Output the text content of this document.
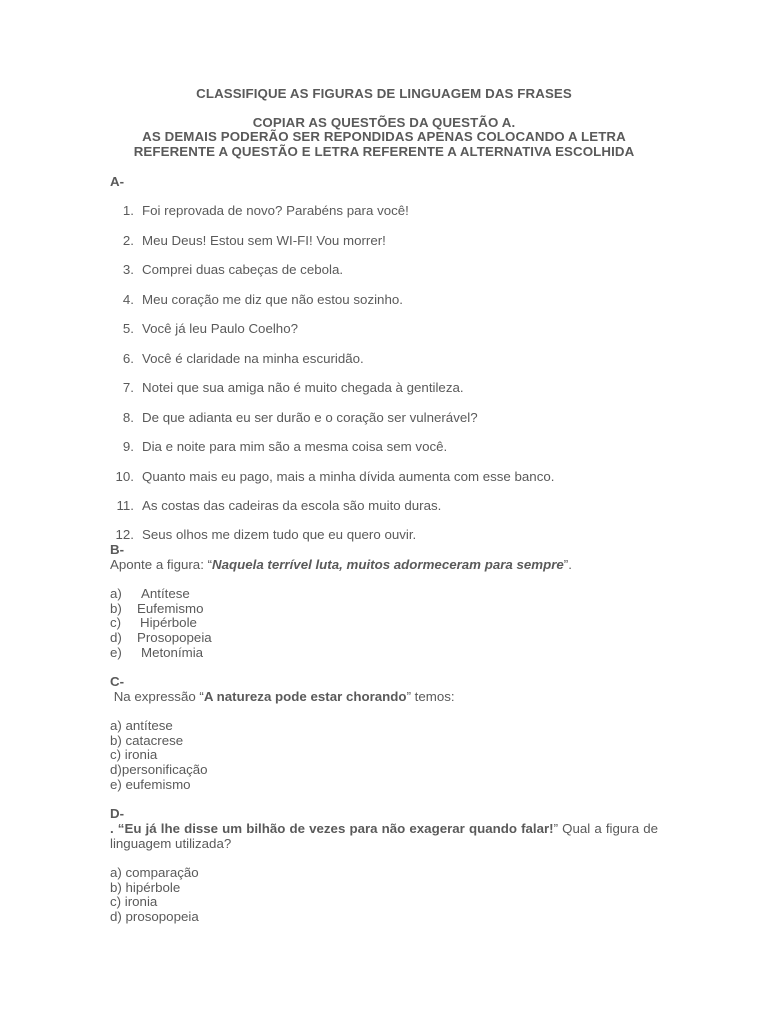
CLASSIFIQUE AS FIGURAS DE LINGUAGEM DAS FRASES

COPIAR AS QUESTÕES DA QUESTÃO A.

AS DEMAIS PODERÃO SER REPONDIDAS APENAS COLOCANDO A LETRA

REFERENTE A QUESTÃO E LETRA REFERENTE A ALTERNATIVA ESCOLHIDA

A-

1. Foi reprovada de novo? Parabéns para você!

2. Meu Deus! Estou sem WI-FI! Vou morrer!

3. Comprei duas cabeças de cebola.

4. Meu coração me diz que não estou sozinho.

5. Você já leu Paulo Coelho?

6. Você é claridade na minha escuridão.

7. Notei que sua amiga não é muito chegada à gentileza.

8. De que adianta eu ser durão e o coração ser vulnerável?

9. Dia e noite para mim são a mesma coisa sem você.

10. Quanto mais eu pago, mais a minha dívida aumenta com esse banco.

11. As costas das cadeiras da escola são muito duras.

12. Seus olhos me dizem tudo que eu quero ouvir.

B-

Aponte a figura: “Naquela terrível luta, muitos adormeceram para sempre”.

a)	Antítese

b)	Eufemismo

c)	Hipérbole

d)	Prosopopeia

e)	Metonímia

C-

Na expressão “A natureza pode estar chorando” temos:

a) antítese

b) catacrese

c) ironia

d)personificação

e) eufemismo

D-

. “Eu já lhe disse um bilhão de vezes para não exagerar quando falar!” Qual a figura de linguagem utilizada?

a) comparação

b) hipérbole

c) ironia

d) prosopopeia
